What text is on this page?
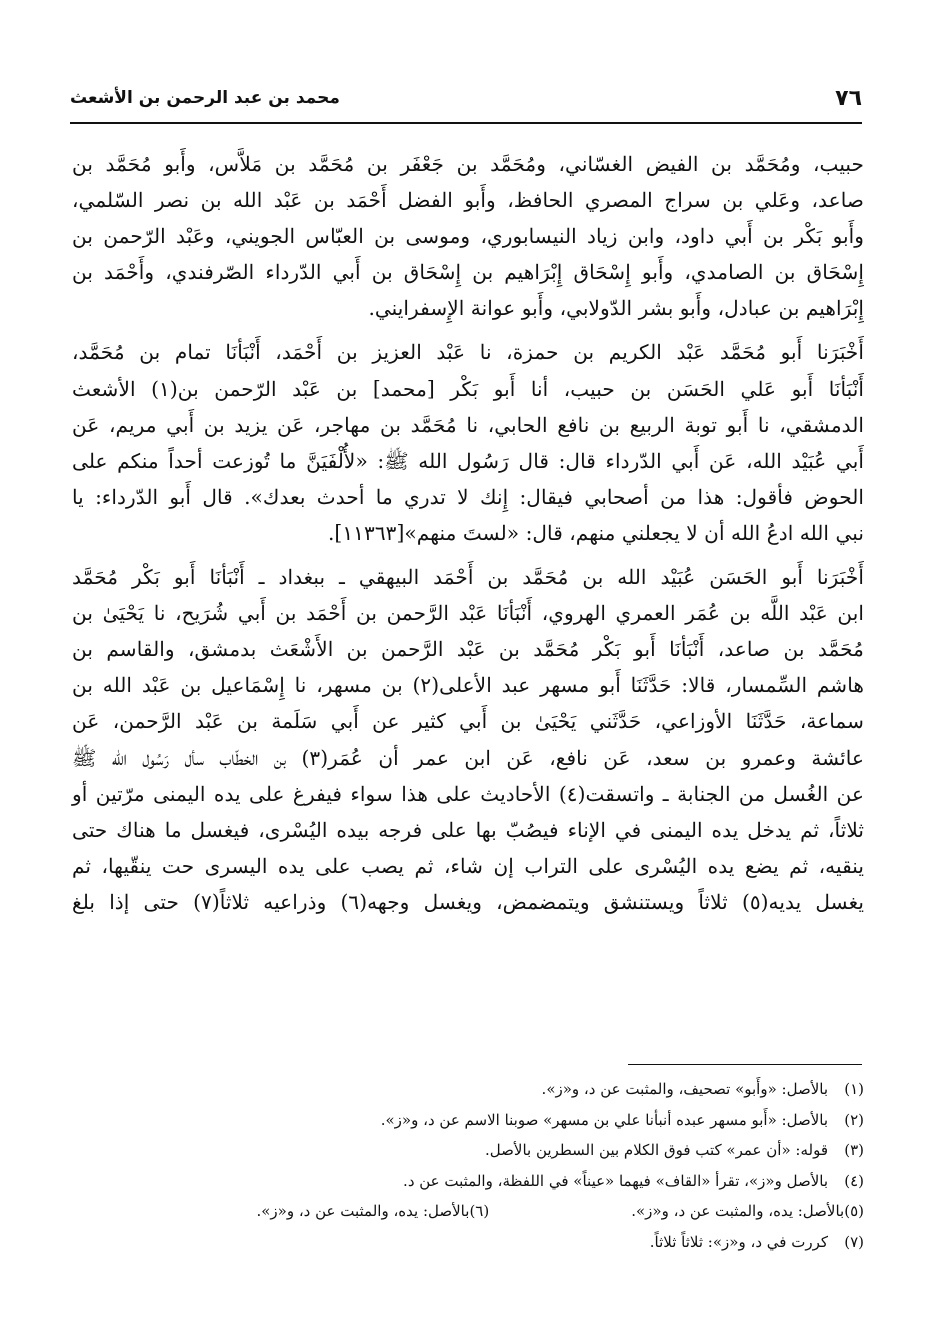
٧٦
محمد بن عبد الرحمن بن الأشعث

حبيب، ومُحَمَّد بن الفيض الغسّاني، ومُحَمَّد بن جَعْفَر بن مُحَمَّد بن مَلاَّس، وأَبو مُحَمَّد بن
صاعد، وعَلي بن سراج المصري الحافظ، وأَبو الفضل أَحْمَد بن عَبْد الله بن نصر السّلمي،
وأَبو بَكْر بن أَبي داود، وابن زياد النيسابوري، وموسى بن العبّاس الجويني، وعَبْد الرّحمن بن
إِسْحَاق بن الصامدي، وأَبو إِسْحَاق إِبْرَاهيم بن إِسْحَاق بن أَبي الدّرداء الصّرفندي، وأَحْمَد بن
إِبْرَاهيم بن عبادل، وأَبو بشر الدّولابي، وأَبو عوانة الإِسفرايني.

أَخْبَرَنا أَبو مُحَمَّد عَبْد الكريم بن حمزة، نا عَبْد العزيز بن أَحْمَد، أَنْبَأنَا تمام بن مُحَمَّد،
أَنْبَأنَا أَبو عَلي الحَسَن بن حبيب، أنا أَبو بَكْر [محمد] بن عَبْد الرّحمن بن(١) الأشعث
الدمشقي، نا أَبو توبة الربيع بن نافع الحابي، نا مُحَمَّد بن مهاجر، عَن يزيد بن أَبي مريم، عَن
أَبي عُبَيْد الله، عَن أَبي الدّرداء قال: قال رَسُول الله ﷺ: «لأُلْفَيَنَّ ما تُوزعت أحداً منكم على
الحوض فأقول: هذا من أصحابي فيقال: إِنك لا تدري ما أحدث بعدك». قال أَبو الدّرداء: يا
نبي الله ادعُ الله أن لا يجعلني منهم، قال: «لستَ منهم»[١١٣٦٣].

أَخْبَرَنا أَبو الحَسَن عُبَيْد الله بن مُحَمَّد بن أَحْمَد البيهقي ـ ببغداد ـ أَنْبَأنَا أَبو بَكْر مُحَمَّد
ابن عَبْد اللَّه بن عُمَر العمري الهروي، أَنْبَأنَا عَبْد الرَّحمن بن أَحْمَد بن أَبي شُرَيح، نا يَحْيَىٰ بن
مُحَمَّد بن صاعد، أَنْبَأنَا أَبو بَكْر مُحَمَّد بن عَبْد الرَّحمن بن الأَشْعَث بدمشق، والقاسم بن
هاشم السِّمسار، قالا: حَدَّثَنَا أَبو مسهر عبد الأعلى(٢) بن مسهر، نا إِسْمَاعيل بن عَبْد الله بن
سماعة، حَدَّثَنَا الأوزاعي، حَدَّثَني يَحْيَىٰ بن أَبي كثير عن أَبي سَلَمة بن عَبْد الرَّحمن، عَن
عائشة وعمرو بن سعد، عَن نافع، عَن ابن عمر أن عُمَر(٣) بن الخطّاب سأل رَسُول الله ﷺ
عن الغُسل من الجنابة ـ واتسقت(٤) الأحاديث على هذا سواء فيفرغ على يده اليمنى مرّتين أو
ثلاثاً، ثم يدخل يده اليمنى في الإناء فيصُبّ بها على فرجه بيده اليُسْرى، فيغسل ما هناك حتى
ينقيه، ثم يضع يده اليُسْرى على التراب إن شاء، ثم يصب على يده اليسرى حت ينقّيها، ثم
يغسل يديه(٥) ثلاثاً ويستنشق ويتمضمض، ويغسل وجهه(٦) وذراعيه ثلاثاً(٧) حتى إذا بلغ

(١)بالأصل: «وأَبو» تصحيف، والمثبت عن د، و«ز».
(٢)بالأصل: «أَبو مسهر عبده أنبأنا علي بن مسهر» صوبنا الاسم عن د، و«ز».
(٣)قوله: «أن عمر» كتب فوق الكلام بين السطرين بالأصل.
(٤)بالأصل و«ز»، تقرأ «القاف» فيهما «عيناً» في اللفظة، والمثبت عن د.
(٥)بالأصل: يده، والمثبت عن د، و«ز». (٦)بالأصل: يده، والمثبت عن د، و«ز».
(٧)كررت في د، و«ز»: ثلاثاً ثلاثاً.
